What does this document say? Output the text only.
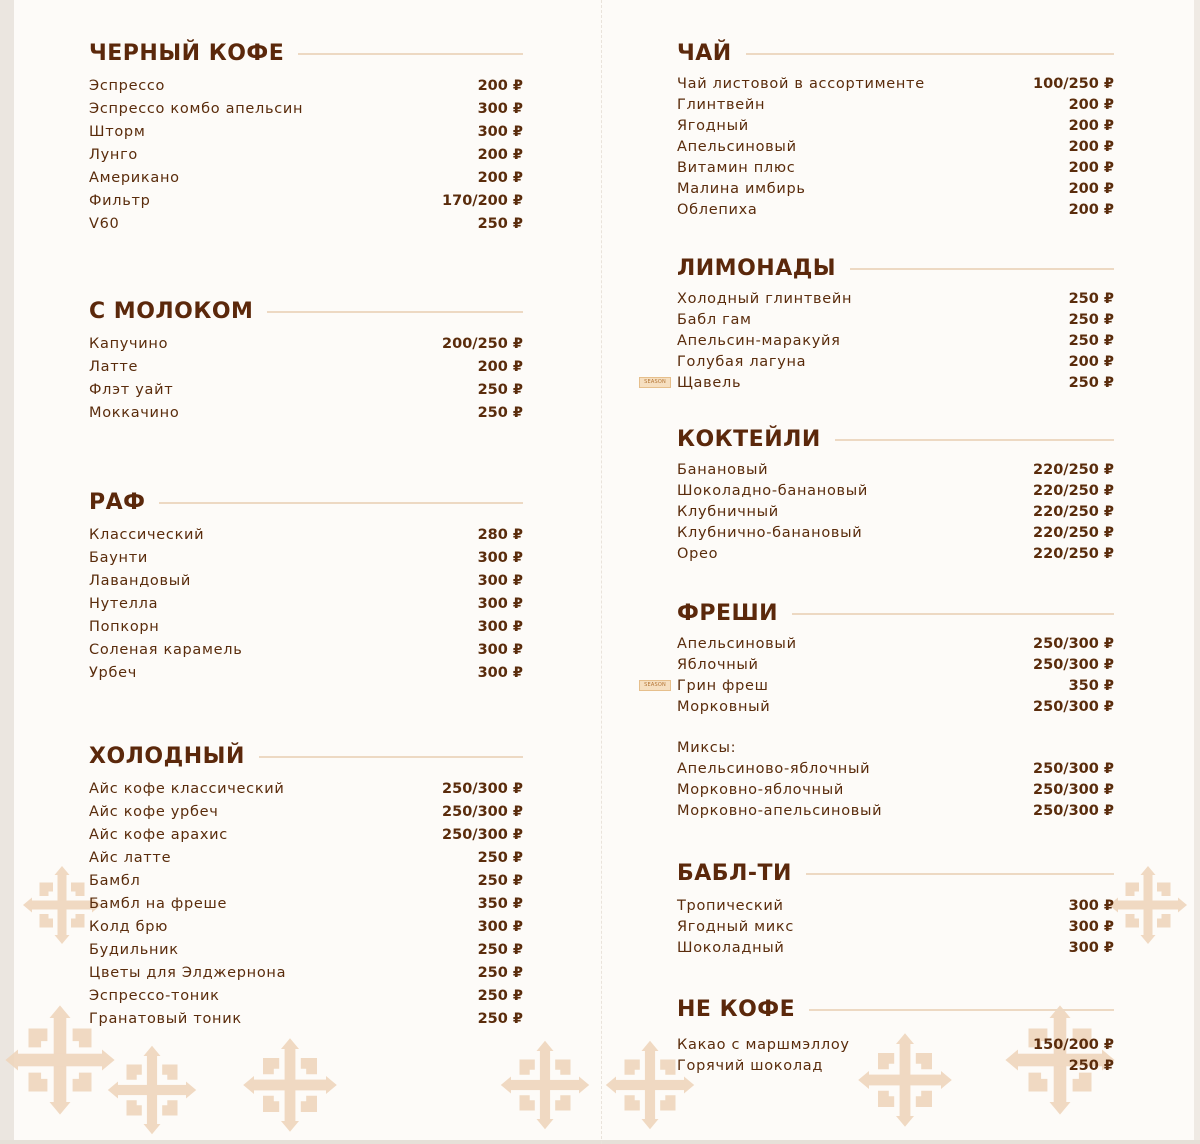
ЧЕРНЫЙ КОФЕ
Эспрессо	200 ₽
Эспрессо комбо апельсин	300 ₽
Шторм	300 ₽
Лунго	200 ₽
Американо	200 ₽
Фильтр	170/200 ₽
V60	250 ₽
С МОЛОКОМ
Капучино	200/250 ₽
Латте	200 ₽
Флэт уайт	250 ₽
Моккачино	250 ₽
РАФ
Классический	280 ₽
Баунти	300 ₽
Лавандовый	300 ₽
Нутелла	300 ₽
Попкорн	300 ₽
Соленая карамель	300 ₽
Урбеч	300 ₽
ХОЛОДНЫЙ
Айс кофе классический	250/300 ₽
Айс кофе урбеч	250/300 ₽
Айс кофе арахис	250/300 ₽
Айс латте	250 ₽
Бамбл	250 ₽
Бамбл на фреше	350 ₽
Колд брю	300 ₽
Будильник	250 ₽
Цветы для Элджернона	250 ₽
Эспрессо-тоник	250 ₽
Гранатовый тоник	250 ₽
ЧАЙ
Чай листовой в ассортименте	100/250 ₽
Глинтвейн	200 ₽
Ягодный	200 ₽
Апельсиновый	200 ₽
Витамин плюс	200 ₽
Малина имбирь	200 ₽
Облепиха	200 ₽
ЛИМОНАДЫ
Холодный глинтвейн	250 ₽
Бабл гам	250 ₽
Апельсин-маракуйя	250 ₽
Голубая лагуна	200 ₽
SEASON Щавель	250 ₽
КОКТЕЙЛИ
Банановый	220/250 ₽
Шоколадно-банановый	220/250 ₽
Клубничный	220/250 ₽
Клубнично-банановый	220/250 ₽
Орео	220/250 ₽
ФРЕШИ
Апельсиновый	250/300 ₽
Яблочный	250/300 ₽
SEASON Грин фреш	350 ₽
Морковный	250/300 ₽
Миксы:
Апельсиново-яблочный	250/300 ₽
Морковно-яблочный	250/300 ₽
Морковно-апельсиновый	250/300 ₽
БАБЛ-ТИ
Тропический	300 ₽
Ягодный микс	300 ₽
Шоколадный	300 ₽
НЕ КОФЕ
Какао с маршмэллоу	150/200 ₽
Горячий шоколад	250 ₽
